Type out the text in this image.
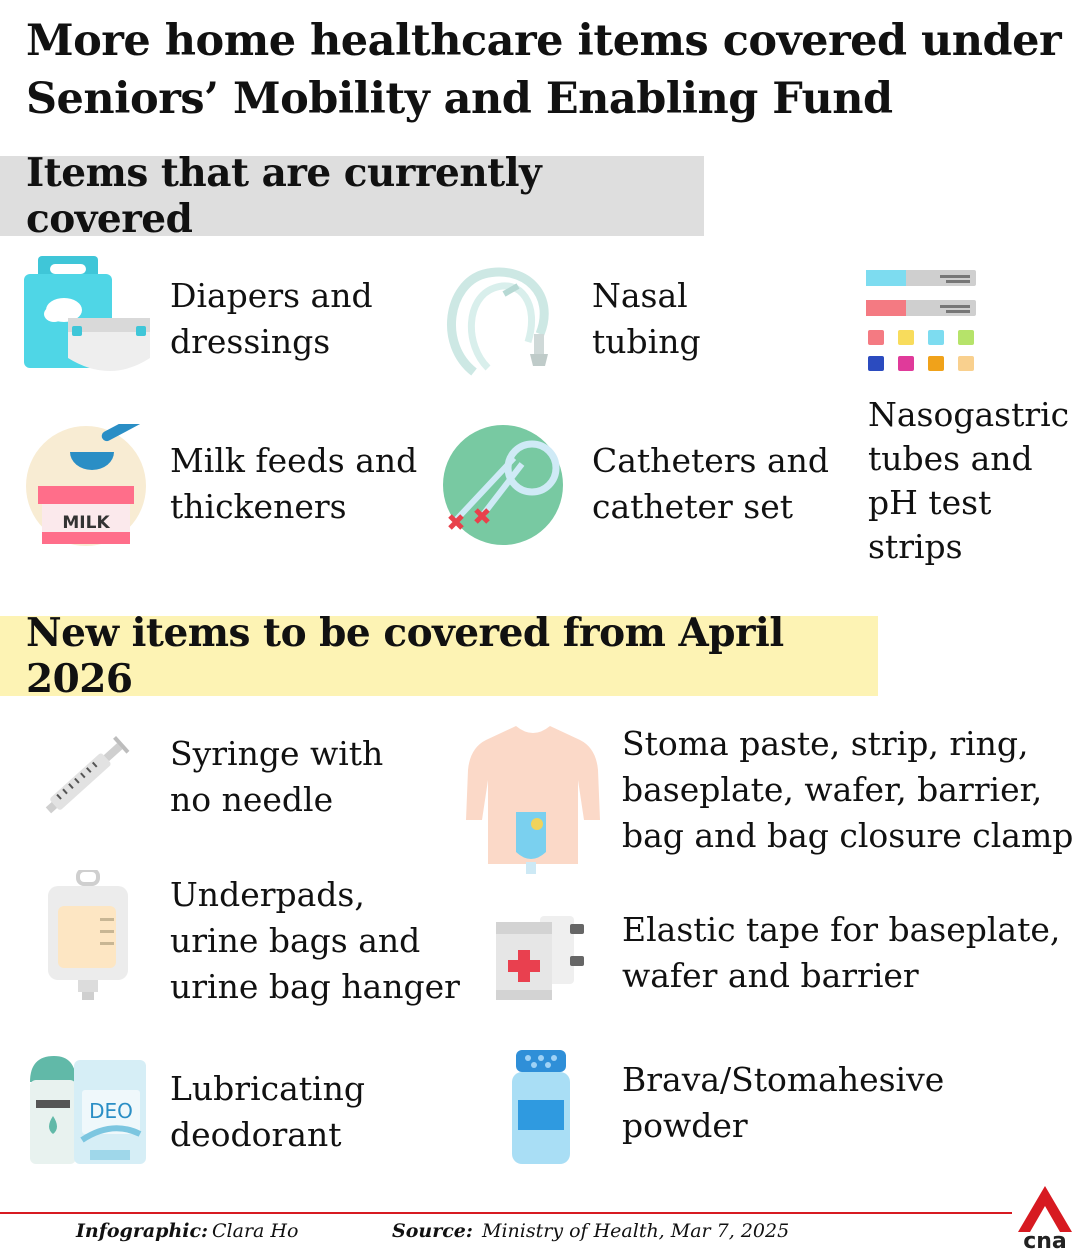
More home healthcare items covered under Seniors’ Mobility and Enabling Fund
Items that are currently covered
Diapers and
dressings
Nasal
tubing
MILK
Milk feeds and
thickeners
Catheters and
catheter set
Nasogastric
tubes and
pH test
strips
New items to be covered from April 2026
Syringe with
no needle
Stoma paste, strip, ring,
baseplate, wafer, barrier,
bag and bag closure clamp
Underpads,
urine bags and
urine bag hanger
Elastic tape for baseplate,
wafer and barrier
DEO
Lubricating
deodorant
Brava/Stomahesive
powder
Infographic: Clara Ho	Source: Ministry of Health, Mar 7, 2025	cna
